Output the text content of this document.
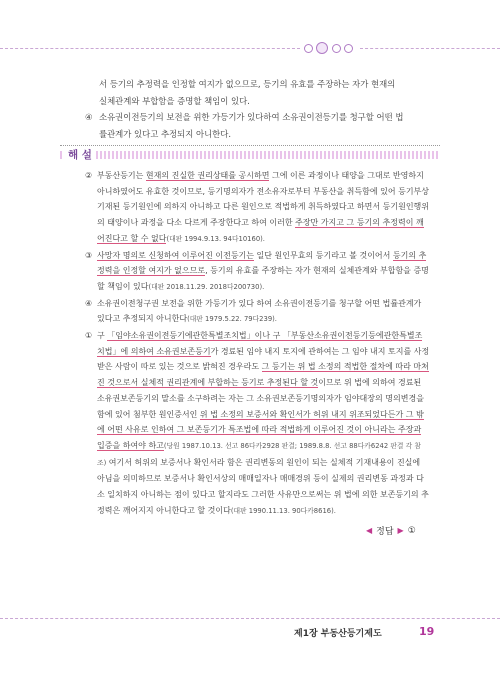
서 등기의 추정력을 인정할 여지가 없으므로, 등기의 유효를 주장하는 자가 현재의

실체관계와 부합함을 증명할 책임이 있다.

④ 소유권이전등기의 보전을 위한 가등기가 있다하여 소유권이전등기를 청구할 어떤 법

률관계가 있다고 추정되지 아니한다.

해 설
② 부동산등기는 현재의 진실한 권리상태를 공시하면 그에 이른 과정이나 태양을 그대로 반영하지 아니하였어도 유효한 것이므로, 등기명의자가 전소유자로부터 부동산을 취득함에 있어 등기부상 기재된 등기원인에 의하지 아니하고 다른 원인으로 적법하게 취득하였다고 하면서 등기원인행위의 태양이나 과정을 다소 다르게 주장한다고 하여 이러한 주장만 가지고 그 등기의 추정력이 깨어진다고 할 수 없다(대판 1994.9.13. 94다10160).
③ 사망자 명의로 신청하여 이루어진 이전등기는 일단 원인무효의 등기라고 볼 것이어서 등기의 추정력을 인정할 여지가 없으므로, 등기의 유효를 주장하는 자가 현재의 실체관계와 부합함을 증명할 책임이 있다(대판 2018.11.29. 2018다200730).
④ 소유권이전청구권 보전을 위한 가등기가 있다 하여 소유권이전등기를 청구할 어떤 법률관계가 있다고 추정되지 아니한다(대판 1979.5.22. 79다239).
① 구 「임야소유권이전등기에관한특별조치법」이나 구 「부동산소유권이전등기등에관한특별조치법」에 의하여 소유권보존등기가 경료된 임야 내지 토지에 관하여는 그 임야 내지 토지를 사정받은 사람이 따로 있는 것으로 밝혀진 경우라도 그 등기는 위 법 소정의 적법한 절차에 따라 마쳐진 것으로서 실체적 권리관계에 부합하는 등기로 추정된다 할 것이므로 위 법에 의하여 경료된 소유권보존등기의 말소를 소구하려는 자는 그 소유권보존등기명의자가 임야대장의 명의변경을 함에 있어 첨부한 원인증서인 위 법 소정의 보증서와 확인서가 허위 내지 위조되었다든가 그 밖에 어떤 사유로 인하여 그 보존등기가 특조법에 따라 적법하게 이루어진 것이 아니라는 주장과 입증을 하여야 하고(당원 1987.10.13. 선고 86다카2928 판결; 1989.8.8. 선고 88다카6242 판결 각 참조) 여기서 허위의 보증서나 확인서라 함은 권리변동의 원인이 되는 실체적 기재내용이 진실에 아님을 의미하므로 보증서나 확인서상의 매매일자나 매매경위 등이 실제의 권리변동 과정과 다소 일치하지 아니하는 점이 있다고 할지라도 그러한 사유만으로써는 위 법에 의한 보존등기의 추정력은 깨어지지 아니한다고 할 것이다(대판 1990.11.13. 90다카8616).
◀ 정답 ▶ ①
제1장 부동산등기제도	19
